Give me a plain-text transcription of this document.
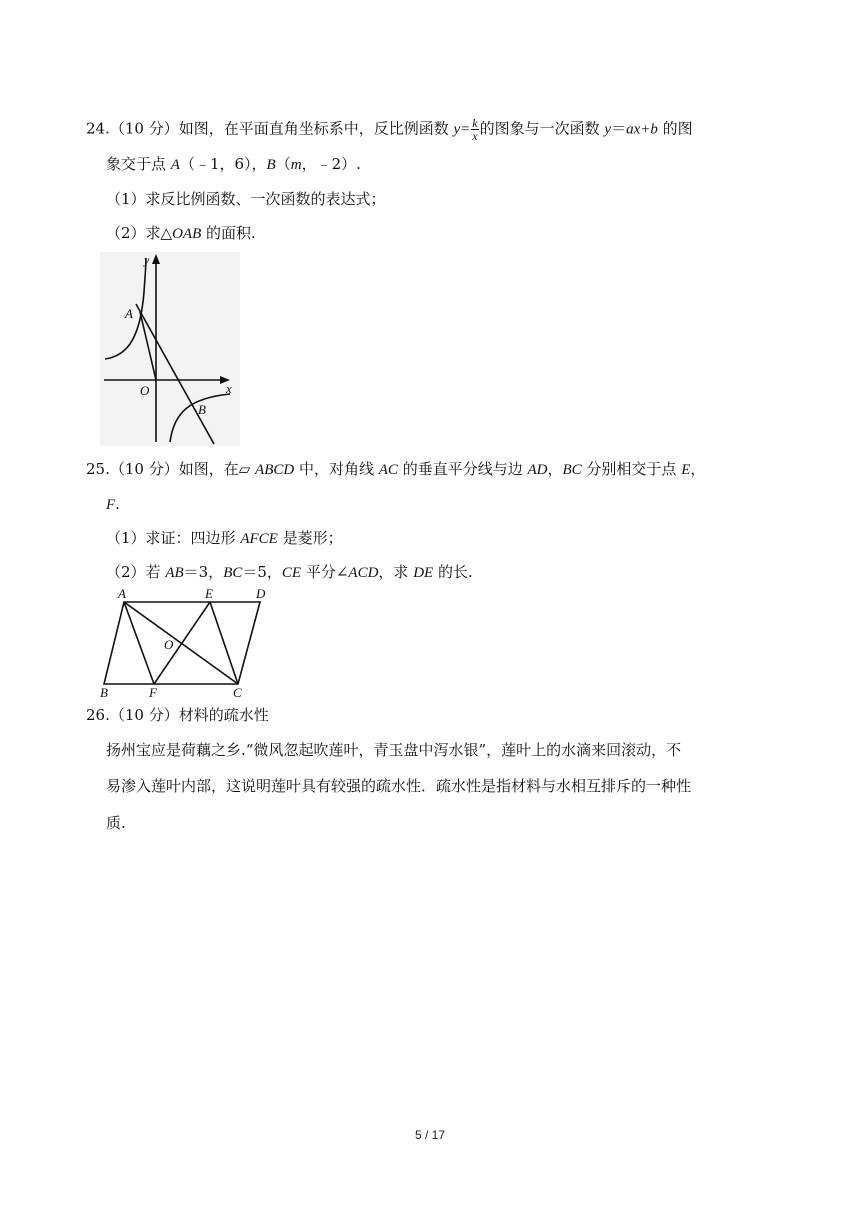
24.（10 分）如图，在平面直角坐标系中，反比例函数 $y= \frac{k}{x}$ 的图象与一次函数 y＝ax+b 的图
象交于点 A（﹣1，6），B（m，﹣2）.
（1）求反比例函数、一次函数的表达式；
（2）求△OAB 的面积.
y
x
A
O
B
25.（10 分）如图，在▱ ABCD 中，对角线 AC 的垂直平分线与边 AD，BC 分别相交于点 E，
F.
（1）求证：四边形 AFCE 是菱形；
（2）若 AB＝3，BC＝5，CE 平分∠ACD，求 DE 的长.
A	E	D
O
B	F	C
26.（10 分）材料的疏水性
扬州宝应是荷藕之乡.“微风忽起吹莲叶，青玉盘中泻水银”，莲叶上的水滴来回滚动，不
易渗入莲叶内部，这说明莲叶具有较强的疏水性．疏水性是指材料与水相互排斥的一种性
质.
5 / 17
